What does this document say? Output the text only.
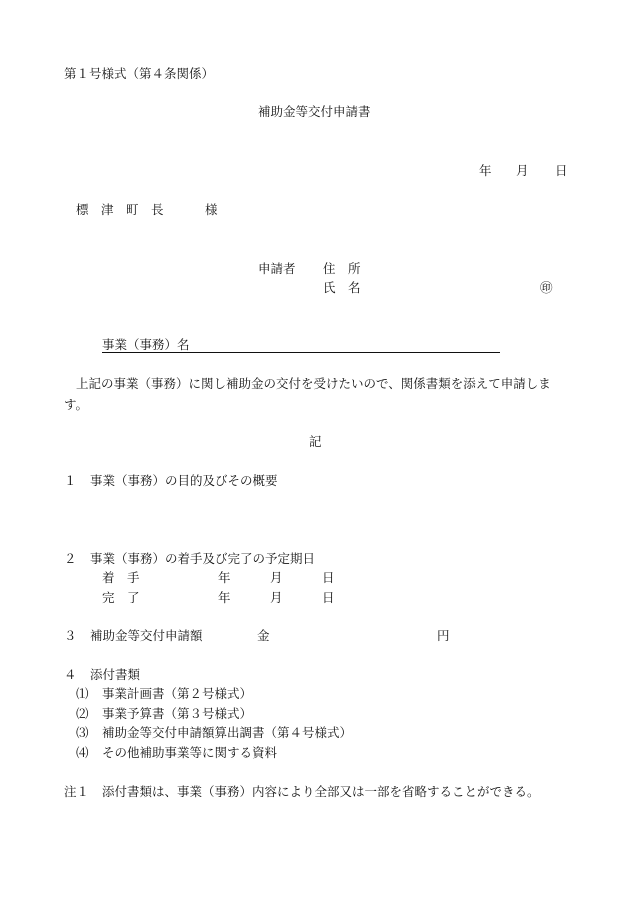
第１号様式（第４条関係）
補助金等交付申請書
年 月 日
標　津　町　長	様
申請者 住　所
氏　名	㊞
事業（事務）名
上記の事業（事務）に関し補助金の交付を受けたいので、関係書類を添えて申請しま
す。
記
１ 事業（事務）の目的及びその概要
２ 事業（事務）の着手及び完了の予定期日
着　手	年	月	日
完　了	年	月	日
３ 補助金等交付申請額	金	円
４ 添付書類
⑴ 事業計画書（第２号様式）
⑵ 事業予算書（第３号様式）
⑶ 補助金等交付申請額算出調書（第４号様式）
⑷ その他補助事業等に関する資料
注１ 添付書類は、事業（事務）内容により全部又は一部を省略することができる。
